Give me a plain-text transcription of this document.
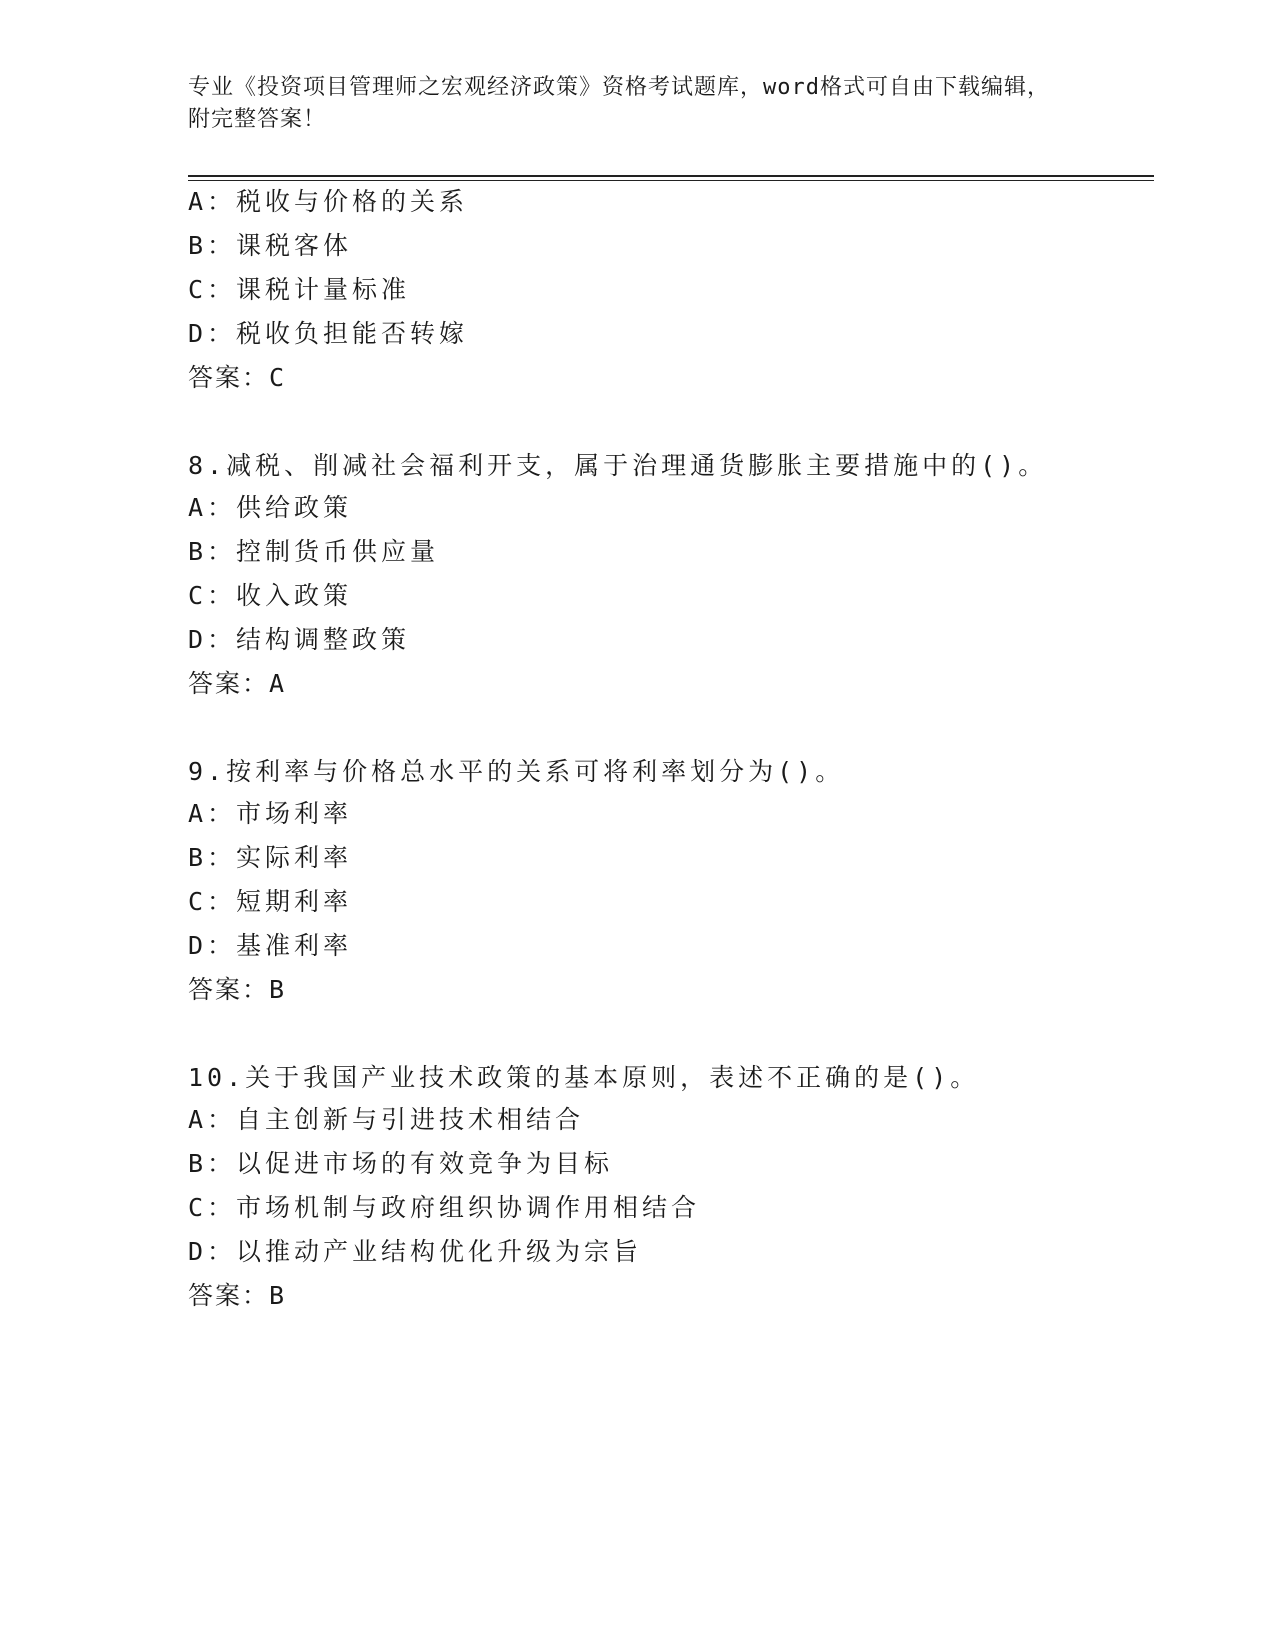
专业《投资项目管理师之宏观经济政策》资格考试题库，word格式可自由下载编辑，附完整答案！
A：税收与价格的关系
B：课税客体
C：课税计量标准
D：税收负担能否转嫁
答案：C
8.减税、削减社会福利开支，属于治理通货膨胀主要措施中的()。
A：供给政策
B：控制货币供应量
C：收入政策
D：结构调整政策
答案：A
9.按利率与价格总水平的关系可将利率划分为()。
A：市场利率
B：实际利率
C：短期利率
D：基准利率
答案：B
10.关于我国产业技术政策的基本原则，表述不正确的是()。
A：自主创新与引进技术相结合
B：以促进市场的有效竞争为目标
C：市场机制与政府组织协调作用相结合
D：以推动产业结构优化升级为宗旨
答案：B
